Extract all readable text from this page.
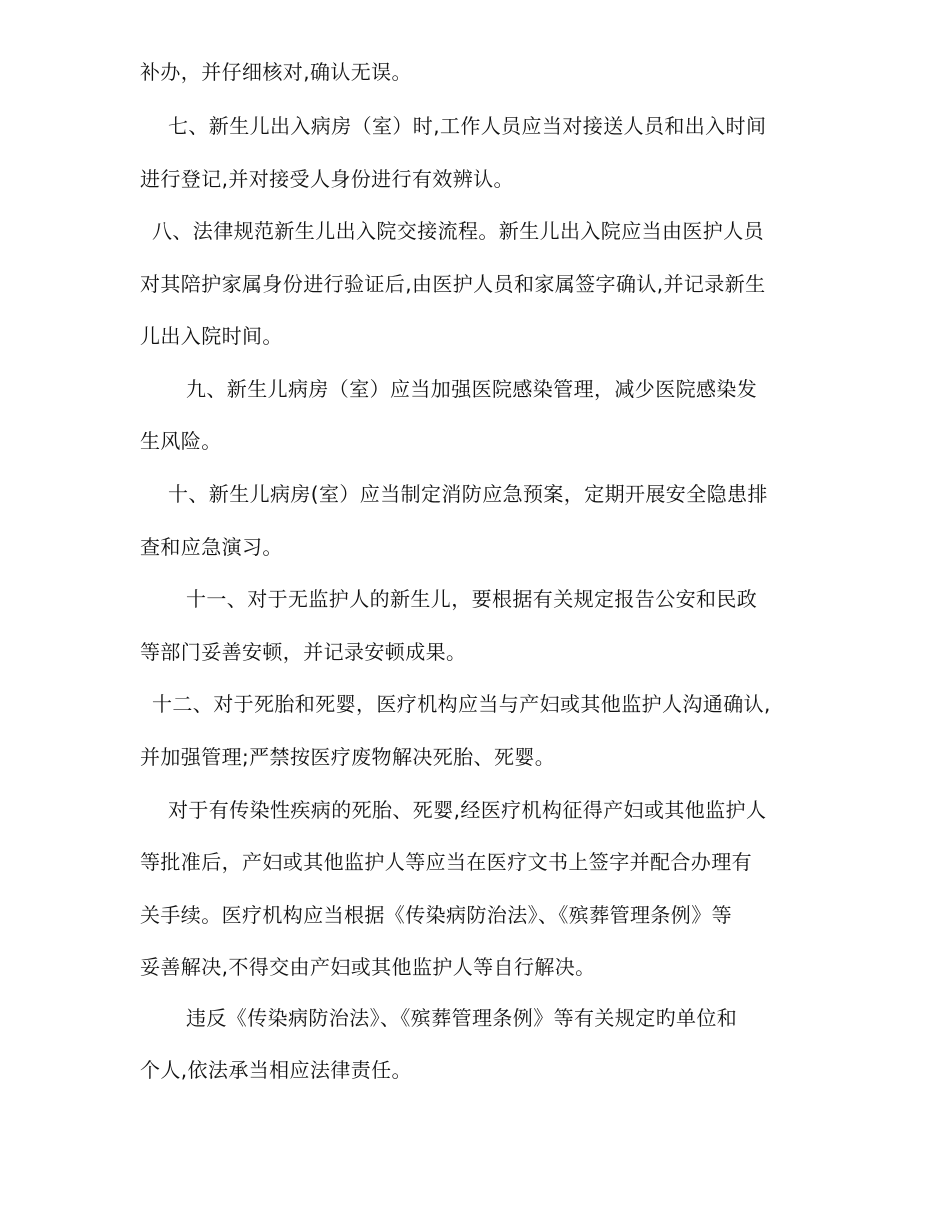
补办，并仔细核对,确认无误。
七、新生儿出入病房（室）时,工作人员应当对接送人员和出入时间
进行登记,并对接受人身份进行有效辨认。
八、法律规范新生儿出入院交接流程。新生儿出入院应当由医护人员
对其陪护家属身份进行验证后,由医护人员和家属签字确认,并记录新生
儿出入院时间。
九、新生儿病房（室）应当加强医院感染管理，减少医院感染发
生风险。
十、新生儿病房(室）应当制定消防应急预案，定期开展安全隐患排
查和应急演习。
十一、对于无监护人的新生儿，要根据有关规定报告公安和民政
等部门妥善安顿，并记录安顿成果。
十二、对于死胎和死婴，医疗机构应当与产妇或其他监护人沟通确认,
并加强管理;严禁按医疗废物解决死胎、死婴。
对于有传染性疾病的死胎、死婴,经医疗机构征得产妇或其他监护人
等批准后，产妇或其他监护人等应当在医疗文书上签字并配合办理有
关手续。医疗机构应当根据《传染病防治法》、《殡葬管理条例》等
妥善解决,不得交由产妇或其他监护人等自行解决。
违反《传染病防治法》、《殡葬管理条例》等有关规定旳单位和
个人,依法承当相应法律责任。
